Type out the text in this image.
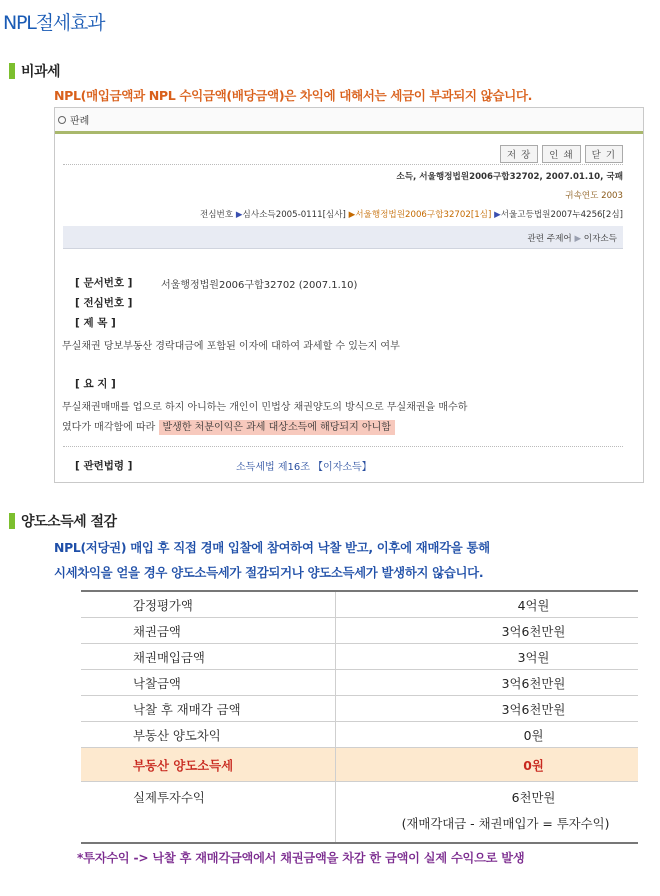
NPL절세효과
비과세
NPL(매입금액과 NPL 수익금액(배당금액)은 차익에 대해서는 세금이 부과되지 않습니다.
판례
저 장	인 쇄	닫 기
소득, 서울행정법원2006구합32702, 2007.01.10, 국패
귀속연도 2003
전심번호 ▶심사소득2005-0111[심사] ▶서울행정법원2006구합32702[1심] ▶서울고등법원2007누4256[2심]
관련 주제어 ▶ 이자소득
[ 문서번호 ]	서울행정법원2006구합32702 (2007.1.10)
[ 전심번호 ]
[ 제 목 ]
무실채권 당보부동산 경락대금에 포함된 이자에 대하여 과세할 수 있는지 여부
[ 요 지 ]
무실채권매매를 업으로 하지 아니하는 개인이 민법상 채권양도의 방식으로 무실채권을 매수하
였다가 매각함에 따라 발생한 처분이익은 과세 대상소득에 해당되지 아니함
[ 관련법령 ]	소득세법 제16조 【이자소득】
양도소득세 절감
NPL(저당권) 매입 후 직접 경매 입찰에 참여하여 낙찰 받고, 이후에 재매각을 통해
시세차익을 얻을 경우 양도소득세가 절감되거나 양도소득세가 발생하지 않습니다.
감정평가액	4억원
채권금액	3억6천만원
채권매입금액	3억원
낙찰금액	3억6천만원
낙찰 후 재매각 금액	3억6천만원
부동산 양도차익	0원
부동산 양도소득세	0원
실제투자수익	6천만원
(재매각대금 - 채권매입가 = 투자수익)
*투자수익 -> 낙찰 후 재매각금액에서 채권금액을 차감 한 금액이 실제 수익으로 발생
